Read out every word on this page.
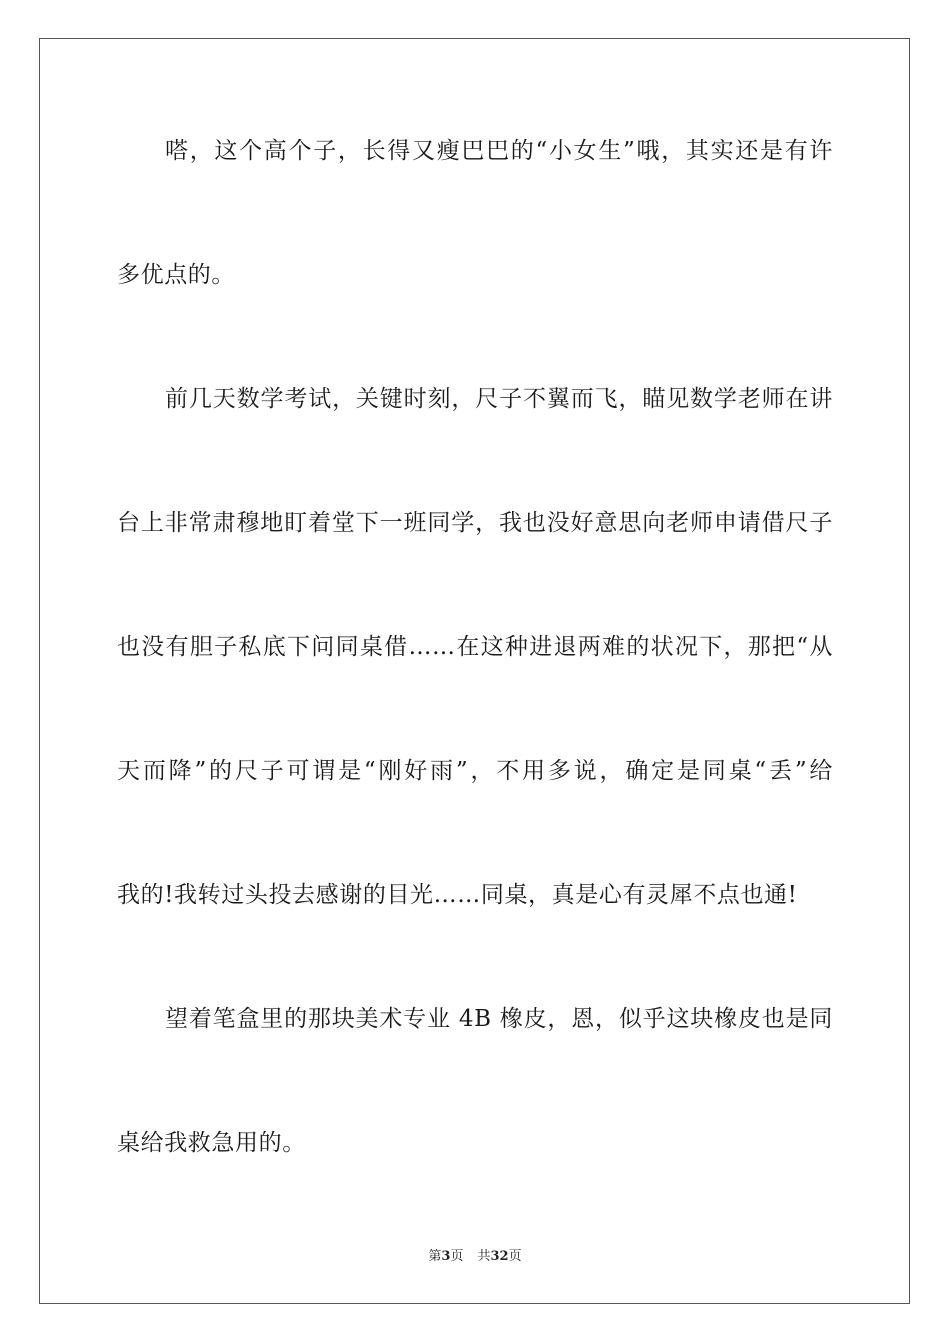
嗒，这个高个子，长得又瘦巴巴的“小女生”哦，其实还是有许
多优点的。
前几天数学考试，关键时刻，尺子不翼而飞，瞄见数学老师在讲
台上非常肃穆地盯着堂下一班同学，我也没好意思向老师申请借尺子
也没有胆子私底下问同桌借……在这种进退两难的状况下，那把“从
天而降”的尺子可谓是“刚好雨”，不用多说，确定是同桌“丢”给
我的!我转过头投去感谢的目光……同桌，真是心有灵犀不点也通!
望着笔盒里的那块美术专业 4B 橡皮，恩，似乎这块橡皮也是同
桌给我救急用的。
第3页 共32页
